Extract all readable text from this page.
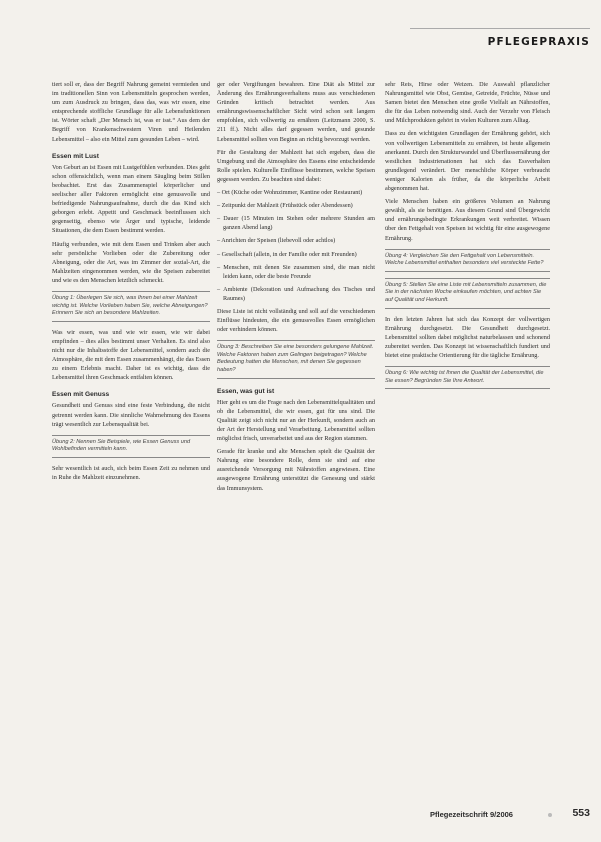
PFLEGEPRAXIS

tiert soll er, dass der Begriff Nahrung gemeint vermieden und im traditionellen Sinn von Lebensmitteln gesprochen werden, um zum Ausdruck zu bringen, dass das, was wir essen, eine entsprechende stoffliche Grundlage für alle Lebensfunktionen ist. Wörter schaft „Der Mensch ist, was er isst.“ Aus dem der Begriff von Krankenschwestern Viren und Heilenden Lebensmittel – also ein Mittel zum gesunden Leben – wird.

Essen mit Lust

Von Geburt an ist Essen mit Lustgefühlen verbunden. Dies geht schon offensichtlich, wenn man einem Säugling beim Stillen beobachtet. Erst das Zusammenspiel körperlicher und seelischer aller Faktoren ermöglicht eine genussvolle und befriedigende Nahrungsaufnahme, durch die das Kind sich geborgen erlebt. Appetit und Geschmack beeinflussen sich gegenseitig, ebenso wie Ärger und typische, leidende Situationen, die dem Essen bestimmt werden.

Häufig verbunden, wie mit dem Essen und Trinken aber auch sehr persönliche Vorlieben oder die Zubereitung oder Abneigung, oder die Art, was im Zimmer der sozial-Art, die Mahlzeiten eingenommen werden, wie die Speisen zubereitet und wie es den Menschen letztlich schmeckt.

Übung 1: Überlegen Sie sich, was Ihnen bei einer Mahlzeit wichtig ist. Welche Vorlieben haben Sie, welche Abneigungen? Erinnern Sie sich an besondere Mahlzeiten.

Was wir essen, was und wie wir essen, wie wir dabei empfinden – dies alles bestimmt unser Verhalten. Es sind also nicht nur die Inhaltsstoffe der Lebensmittel, sondern auch die Atmosphäre, die mit dem Essen zusammenhängt, die das Essen zu einem Erlebnis macht. Daher ist es wichtig, dass die Lebensmittel ihren Geschmack entfalten können.

Essen mit Genuss

Gesundheit und Genuss sind eine feste Verbindung, die nicht getrennt werden kann. Die sinnliche Wahrnehmung des Essens trägt wesentlich zur Lebensqualität bei.

Übung 2: Nennen Sie Beispiele, wie Essen Genuss und Wohlbefinden vermitteln kann.

Sehr wesentlich ist auch, sich beim Essen Zeit zu nehmen und in Ruhe die Mahlzeit einzunehmen.

ger oder Vergiftungen bewahren. Eine Diät als Mittel zur Änderung des Ernährungsverhaltens muss aus verschiedenen Gründen kritisch betrachtet werden. Aus ernährungswissenschaftlicher Sicht wird schon seit langem empfohlen, sich vollwertig zu ernähren (Leitzmann 2000, S. 211 ff.). Nicht alles darf gegessen werden, und gesunde Lebensmittel sollten von Beginn an richtig bevorzugt werden.

Für die Gestaltung der Mahlzeit hat sich ergeben, dass die Umgebung und die Atmosphäre des Essens eine entscheidende Rolle spielen. Kulturelle Einflüsse bestimmen, welche Speisen gegessen werden. Zu beachten sind dabei:

– Ort (Küche oder Wohnzimmer, Kantine oder Restaurant)

– Zeitpunkt der Mahlzeit (Frühstück oder Abendessen)

– Dauer (15 Minuten im Stehen oder mehrere Stunden am ganzen Abend lang)

– Anrichten der Speisen (liebevoll oder achtlos)

– Gesellschaft (allein, in der Familie oder mit Freunden)

– Menschen, mit denen Sie zusammen sind, die man nicht leiden kann, oder die beste Freunde

– Ambiente (Dekoration und Aufmachung des Tisches und Raumes)

Diese Liste ist nicht vollständig und soll auf die verschiedenen Einflüsse hindeuten, die ein genussvolles Essen ermöglichen oder verhindern können.

Übung 3: Beschreiben Sie eine besonders gelungene Mahlzeit. Welche Faktoren haben zum Gelingen beigetragen? Welche Bedeutung hatten die Menschen, mit denen Sie gegessen haben?
Essen, was gut ist

Hier geht es um die Frage nach den Lebensmittelqualitäten und ob die Lebensmittel, die wir essen, gut für uns sind. Die Qualität zeigt sich nicht nur an der Herkunft, sondern auch an der Art der Herstellung und Verarbeitung. Lebensmittel sollten möglichst frisch, unverarbeitet und aus der Region stammen.

Gerade für kranke und alte Menschen spielt die Qualität der Nahrung eine besondere Rolle, denn sie sind auf eine ausreichende Versorgung mit Nährstoffen angewiesen. Eine ausgewogene Ernährung unterstützt die Genesung und stärkt das Immunsystem.

sehr Reis, Hirse oder Weizen. Die Auswahl pflanzlicher Nahrungsmittel wie Obst, Gemüse, Getreide, Früchte, Nüsse und Samen bietet den Menschen eine große Vielfalt an Nährstoffen, die für das Leben notwendig sind. Auch der Verzehr von Fleisch und Milchprodukten gehört in vielen Kulturen zum Alltag.

Dass zu den wichtigsten Grundlagen der Ernährung gehört, sich von vollwertigen Lebensmitteln zu ernähren, ist heute allgemein anerkannt. Durch den Strukturwandel und Überflussernährung der westlichen Industrienationen hat sich das Essverhalten grundlegend verändert. Der menschliche Körper verbraucht weniger Kalorien als früher, da die körperliche Arbeit abgenommen hat.

Viele Menschen haben ein größeres Volumen an Nahrung gewählt, als sie benötigen. Aus diesem Grund sind Übergewicht und ernährungsbedingte Erkrankungen weit verbreitet. Wissen über den Fettgehalt von Speisen ist wichtig für eine ausgewogene Ernährung.

Übung 4: Vergleichen Sie den Fettgehalt von Lebensmitteln. Welche Lebensmittel enthalten besonders viel versteckte Fette?
Übung 5: Stellen Sie eine Liste mit Lebensmitteln zusammen, die Sie in der nächsten Woche einkaufen möchten, und achten Sie auf Qualität und Herkunft.

In den letzten Jahren hat sich das Konzept der vollwertigen Ernährung durchgesetzt. Die Gesundheit durchgesetzt. Lebensmittel sollten dabei möglichst naturbelassen und schonend zubereitet werden. Das Konzept ist wissenschaftlich fundiert und bietet eine praktische Orientierung für die tägliche Ernährung.

Übung 6: Wie wichtig ist Ihnen die Qualität der Lebensmittel, die Sie essen? Begründen Sie Ihre Antwort.
Pflegezeitschrift 9/2006	553
